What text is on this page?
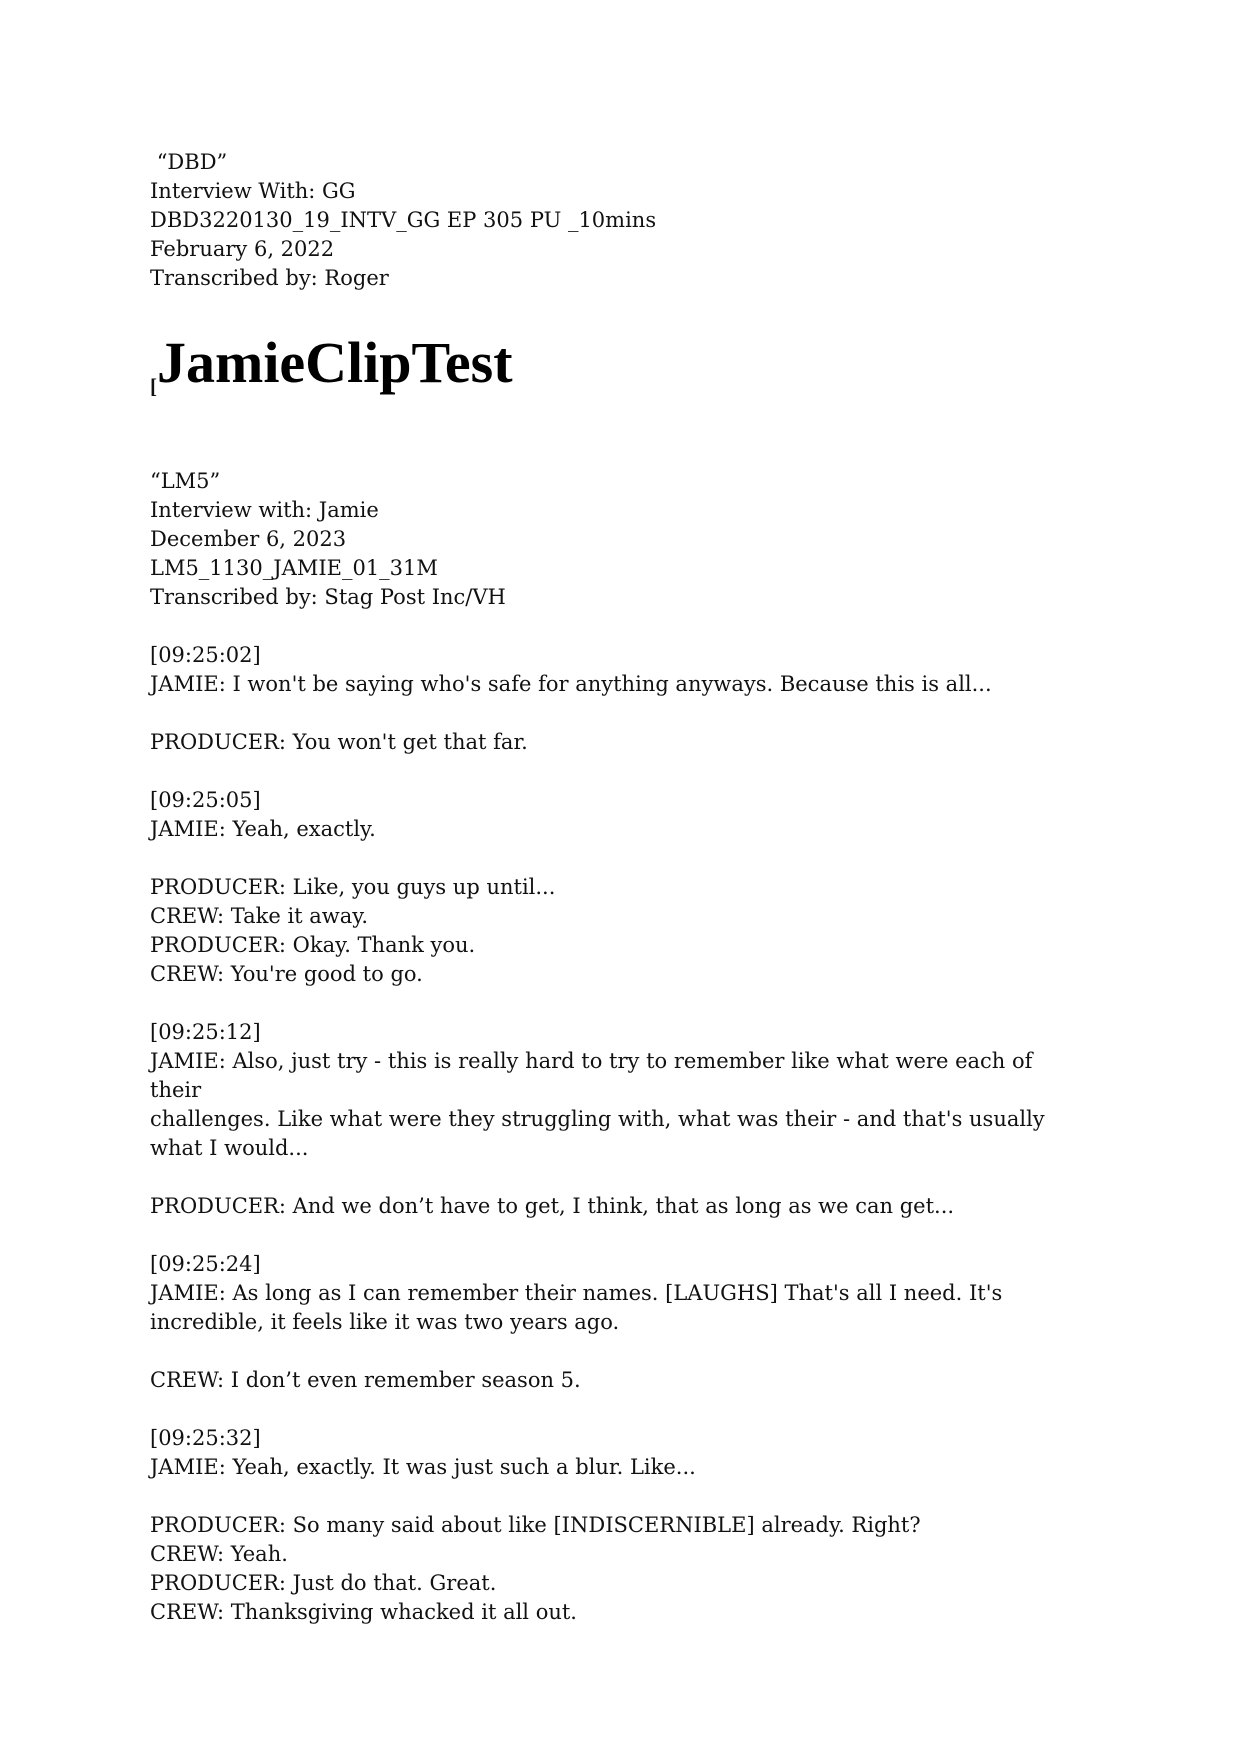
“DBD”
Interview With: GG
DBD3220130_19_INTV_GG EP 305 PU _10mins
February 6, 2022
Transcribed by: Roger
[JamieClipTest
“LM5”
Interview with: Jamie
December 6, 2023
LM5_1130_JAMIE_01_31M
Transcribed by: Stag Post Inc/VH
[09:25:02]
JAMIE: I won't be saying who's safe for anything anyways. Because this is all...
PRODUCER: You won't get that far.
[09:25:05]
JAMIE: Yeah, exactly.
PRODUCER: Like, you guys up until...
CREW: Take it away.
PRODUCER: Okay. Thank you.
CREW: You're good to go.
[09:25:12]
JAMIE: Also, just try - this is really hard to try to remember like what were each of their
challenges. Like what were they struggling with, what was their - and that's usually
what I would...
PRODUCER: And we don’t have to get, I think, that as long as we can get...
[09:25:24]
JAMIE: As long as I can remember their names. [LAUGHS] That's all I need. It's
incredible, it feels like it was two years ago.
CREW: I don’t even remember season 5.
[09:25:32]
JAMIE: Yeah, exactly. It was just such a blur. Like...
PRODUCER: So many said about like [INDISCERNIBLE] already. Right?
CREW: Yeah.
PRODUCER: Just do that. Great.
CREW: Thanksgiving whacked it all out.
